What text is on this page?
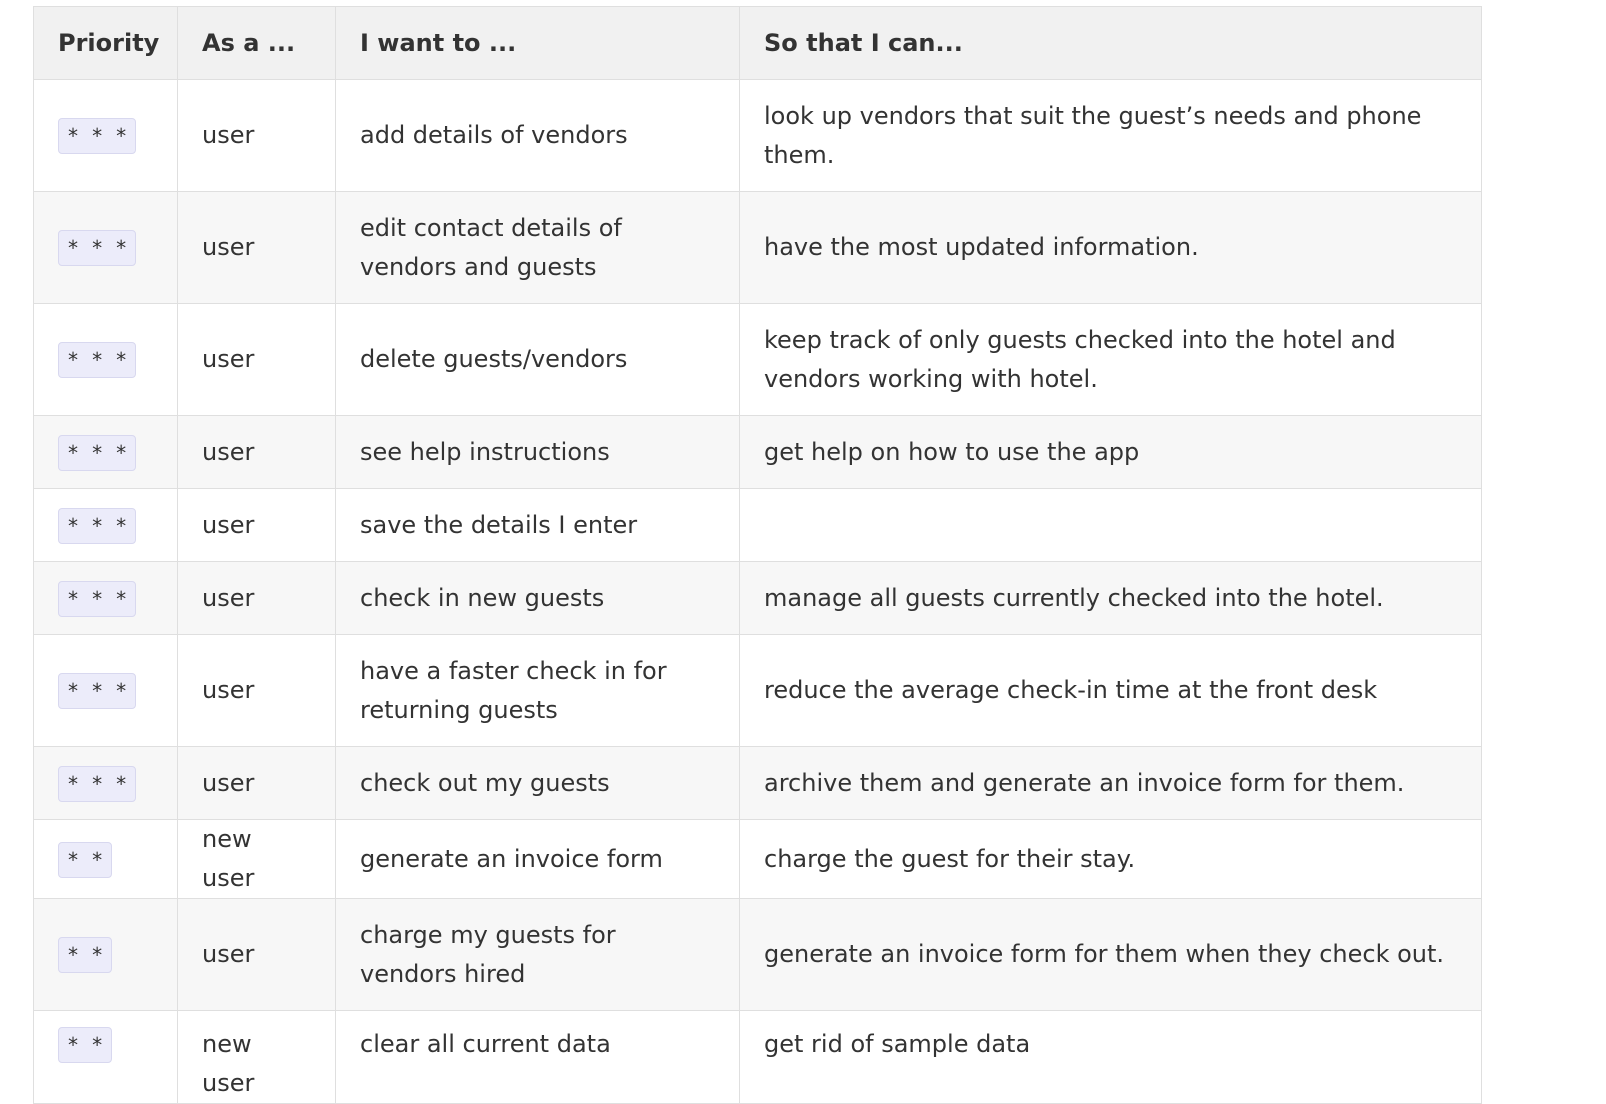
Priority	As a ...	I want to ...	So that I can...
* * *	user	add details of vendors	look up vendors that suit the guest’s needs and phone them.
* * *	user	edit contact details of vendors and guests	have the most updated information.
* * *	user	delete guests/vendors	keep track of only guests checked into the hotel and vendors working with hotel.
* * *	user	see help instructions	get help on how to use the app
* * *	user	save the details I enter	
* * *	user	check in new guests	manage all guests currently checked into the hotel.
* * *	user	have a faster check in for returning guests	reduce the average check-in time at the front desk
* * *	user	check out my guests	archive them and generate an invoice form for them.
* *	new user	generate an invoice form	charge the guest for their stay.
* *	user	charge my guests for vendors hired	generate an invoice form for them when they check out.
* *	new user	clear all current data	get rid of sample data
